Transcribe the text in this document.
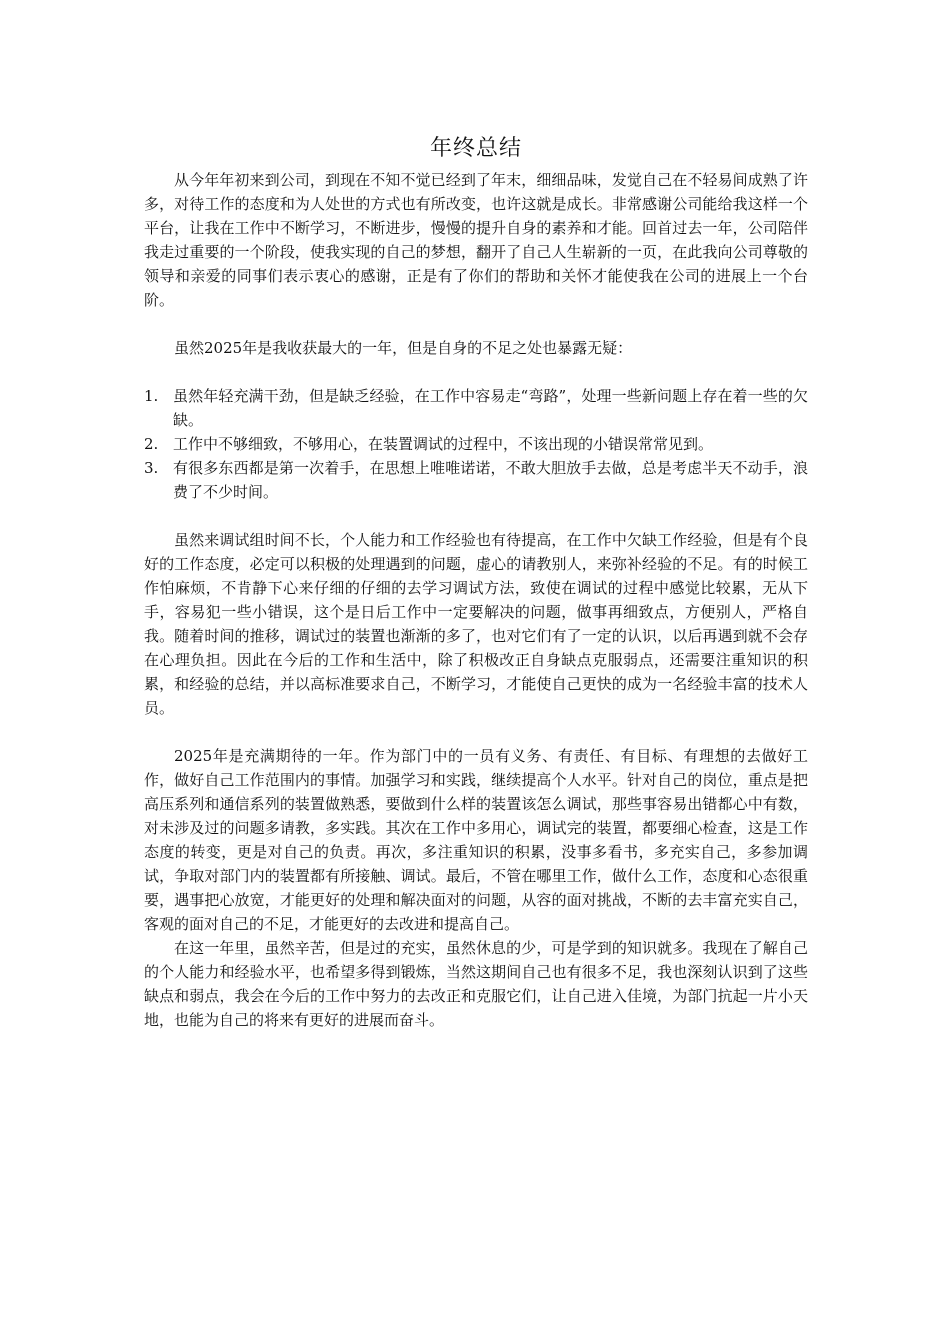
年终总结

从今年年初来到公司，到现在不知不觉已经到了年末，细细品味，发觉自己在不轻易间成熟了许多，对待工作的态度和为人处世的方式也有所改变，也许这就是成长。非常感谢公司能给我这样一个平台，让我在工作中不断学习，不断进步，慢慢的提升自身的素养和才能。回首过去一年，公司陪伴我走过重要的一个阶段，使我实现的自己的梦想，翻开了自己人生崭新的一页，在此我向公司尊敬的领导和亲爱的同事们表示衷心的感谢，正是有了你们的帮助和关怀才能使我在公司的进展上一个台阶。

虽然2025年是我收获最大的一年，但是自身的不足之处也暴露无疑：

1. 虽然年轻充满干劲，但是缺乏经验，在工作中容易走“弯路”，处理一些新问题上存在着一些的欠缺。
2. 工作中不够细致，不够用心，在装置调试的过程中，不该出现的小错误常常见到。
3. 有很多东西都是第一次着手，在思想上唯唯诺诺，不敢大胆放手去做，总是考虑半天不动手，浪费了不少时间。

虽然来调试组时间不长，个人能力和工作经验也有待提高，在工作中欠缺工作经验，但是有个良好的工作态度，必定可以积极的处理遇到的问题，虚心的请教别人，来弥补经验的不足。有的时候工作怕麻烦，不肯静下心来仔细的仔细的去学习调试方法，致使在调试的过程中感觉比较累，无从下手，容易犯一些小错误，这个是日后工作中一定要解决的问题，做事再细致点，方便别人，严格自我。随着时间的推移，调试过的装置也渐渐的多了，也对它们有了一定的认识，以后再遇到就不会存在心理负担。因此在今后的工作和生活中，除了积极改正自身缺点克服弱点，还需要注重知识的积累，和经验的总结，并以高标准要求自己，不断学习，才能使自己更快的成为一名经验丰富的技术人员。

2025年是充满期待的一年。作为部门中的一员有义务、有责任、有目标、有理想的去做好工作，做好自己工作范围内的事情。加强学习和实践，继续提高个人水平。针对自己的岗位，重点是把高压系列和通信系列的装置做熟悉，要做到什么样的装置该怎么调试，那些事容易出错都心中有数，对未涉及过的问题多请教，多实践。其次在工作中多用心，调试完的装置，都要细心检查，这是工作态度的转变，更是对自己的负责。再次，多注重知识的积累，没事多看书，多充实自己，多参加调试，争取对部门内的装置都有所接触、调试。最后，不管在哪里工作，做什么工作，态度和心态很重要，遇事把心放宽，才能更好的处理和解决面对的问题，从容的面对挑战，不断的去丰富充实自己，客观的面对自己的不足，才能更好的去改进和提高自己。

在这一年里，虽然辛苦，但是过的充实，虽然休息的少，可是学到的知识就多。我现在了解自己的个人能力和经验水平，也希望多得到锻炼，当然这期间自己也有很多不足，我也深刻认识到了这些缺点和弱点，我会在今后的工作中努力的去改正和克服它们，让自己进入佳境，为部门抗起一片小天地，也能为自己的将来有更好的进展而奋斗。
